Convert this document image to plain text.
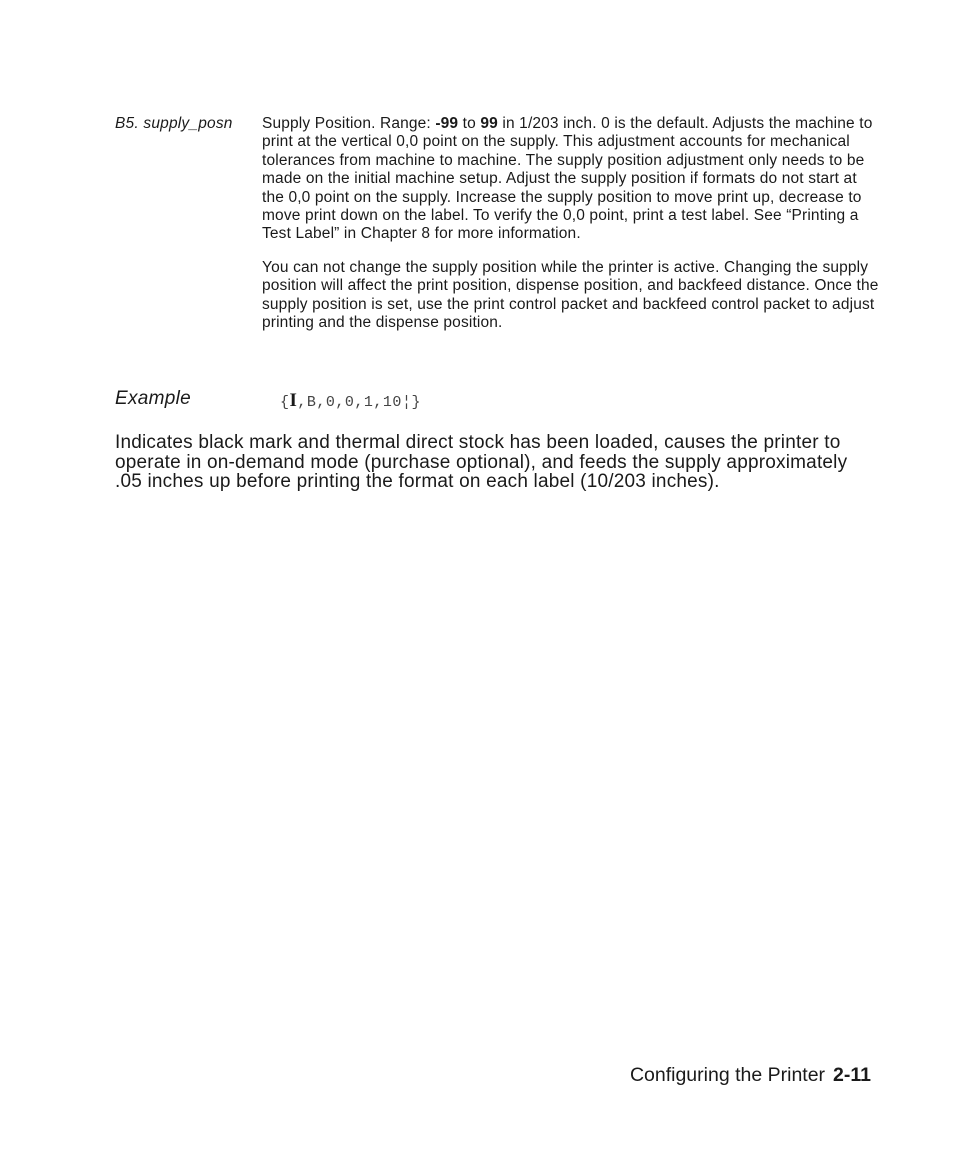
B5. supply_posn Supply Position. Range: -99 to 99 in 1/203 inch. 0 is the default. Adjusts the machine to print at the vertical 0,0 point on the supply. This adjustment accounts for mechanical tolerances from machine to machine. The supply position adjustment only needs to be made on the initial machine setup. Adjust the supply position if formats do not start at the 0,0 point on the supply. Increase the supply position to move print up, decrease to move print down on the label. To verify the 0,0 point, print a test label. See “Printing a Test Label” in Chapter 8 for more information.

You can not change the supply position while the printer is active. Changing the supply position will affect the print position, dispense position, and backfeed distance. Once the supply position is set, use the print control packet and backfeed control packet to adjust printing and the dispense position.

Example	{I,B,0,0,1,10¦}

Indicates black mark and thermal direct stock has been loaded, causes the printer to operate in on-demand mode (purchase optional), and feeds the supply approximately .05 inches up before printing the format on each label (10/203 inches).

Configuring the Printer 2-11
